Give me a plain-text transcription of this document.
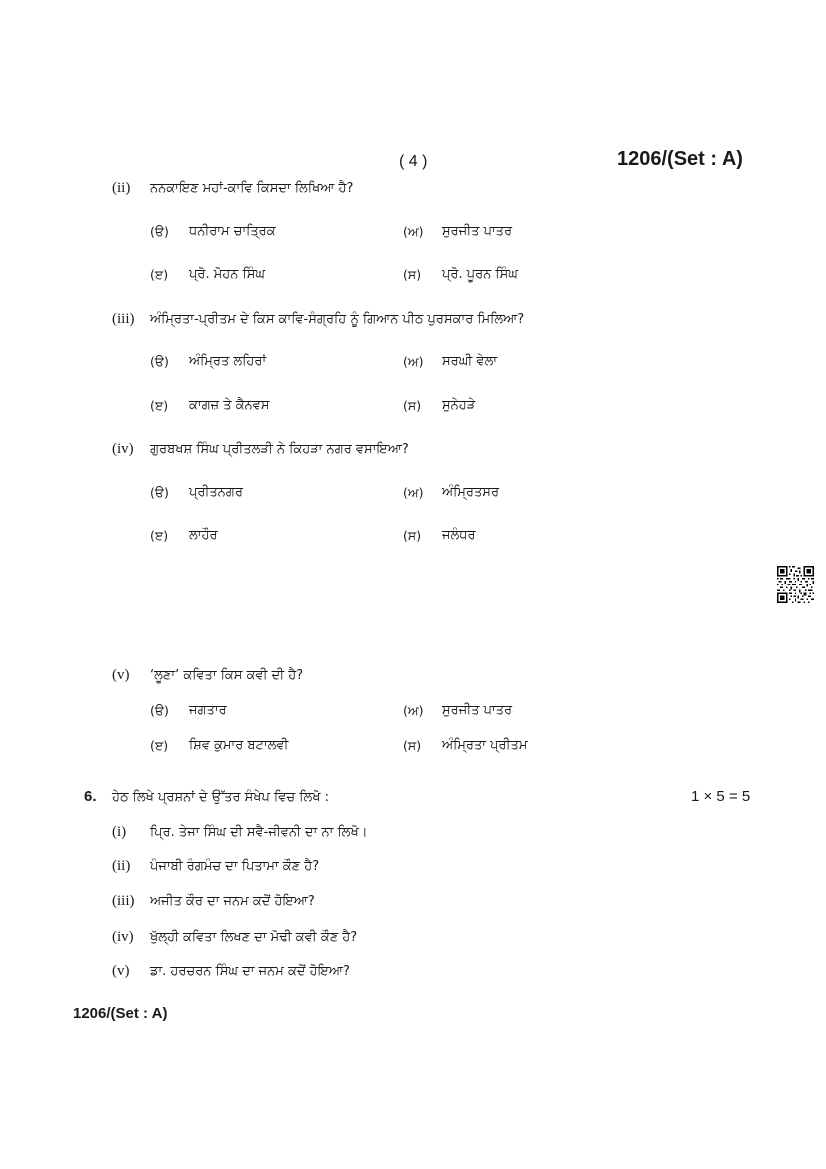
( 4 )	1206/(Set : A)
(ii) ਨਨਕਾਇਣ ਮਹਾਂ-ਕਾਵਿ ਕਿਸਦਾ ਲਿਖਿਆ ਹੈ?
(ੳ) ਧਨੀਰਾਮ ਚਾਤ੍ਰਿਕ	(ਅ) ਸੁਰਜੀਤ ਪਾਤਰ
(ੲ) ਪ੍ਰੋ. ਮੋਹਨ ਸਿੰਘ	(ਸ) ਪ੍ਰੋ. ਪੂਰਨ ਸਿੰਘ
(iii) ਅੰਮ੍ਰਿਤਾ-ਪ੍ਰੀਤਮ ਦੇ ਕਿਸ ਕਾਵਿ-ਸੰਗ੍ਰਹਿ ਨੂੰ ਗਿਆਨ ਪੀਠ ਪੁਰਸਕਾਰ ਮਿਲਿਆ?
(ੳ) ਅੰਮ੍ਰਿਤ ਲਹਿਰਾਂ	(ਅ) ਸਰਘੀ ਵੇਲਾ
(ੲ) ਕਾਗਜ਼ ਤੇ ਕੈਨਵਸ	(ਸ) ਸੁਨੇਹੜੇ
(iv) ਗੁਰਬਖਸ਼ ਸਿੰਘ ਪ੍ਰੀਤਲੜੀ ਨੇ ਕਿਹੜਾ ਨਗਰ ਵਸਾਇਆ?
(ੳ) ਪ੍ਰੀਤਨਗਰ	(ਅ) ਅੰਮ੍ਰਿਤਸਰ
(ੲ) ਲਾਹੌਰ	(ਸ) ਜਲੰਧਰ
(v) ‘ਲੂਣਾ’ ਕਵਿਤਾ ਕਿਸ ਕਵੀ ਦੀ ਹੈ?
(ੳ) ਜਗਤਾਰ	(ਅ) ਸੁਰਜੀਤ ਪਾਤਰ
(ੲ) ਸ਼ਿਵ ਕੁਮਾਰ ਬਟਾਲਵੀ	(ਸ) ਅੰਮ੍ਰਿਤਾ ਪ੍ਰੀਤਮ
6. ਹੇਠ ਲਿਖੇ ਪ੍ਰਸ਼ਨਾਂ ਦੇ ਉੱਤਰ ਸੰਖੇਪ ਵਿਚ ਲਿਖੋ :	1 × 5 = 5
(i) ਪ੍ਰਿ. ਤੇਜਾ ਸਿੰਘ ਦੀ ਸਵੈ-ਜੀਵਨੀ ਦਾ ਨਾ ਲਿਖੋ।
(ii) ਪੰਜਾਬੀ ਰੰਗਮੰਚ ਦਾ ਪਿਤਾਮਾ ਕੌਣ ਹੈ?
(iii) ਅਜੀਤ ਕੌਰ ਦਾ ਜਨਮ ਕਦੋਂ ਹੋਇਆ?
(iv) ਖੁੱਲ੍ਹੀ ਕਵਿਤਾ ਲਿਖਣ ਦਾ ਮੋਢੀ ਕਵੀ ਕੌਣ ਹੈ?
(v) ਡਾ. ਹਰਚਰਨ ਸਿੰਘ ਦਾ ਜਨਮ ਕਦੋਂ ਹੋਇਆ?
1206/(Set : A)
